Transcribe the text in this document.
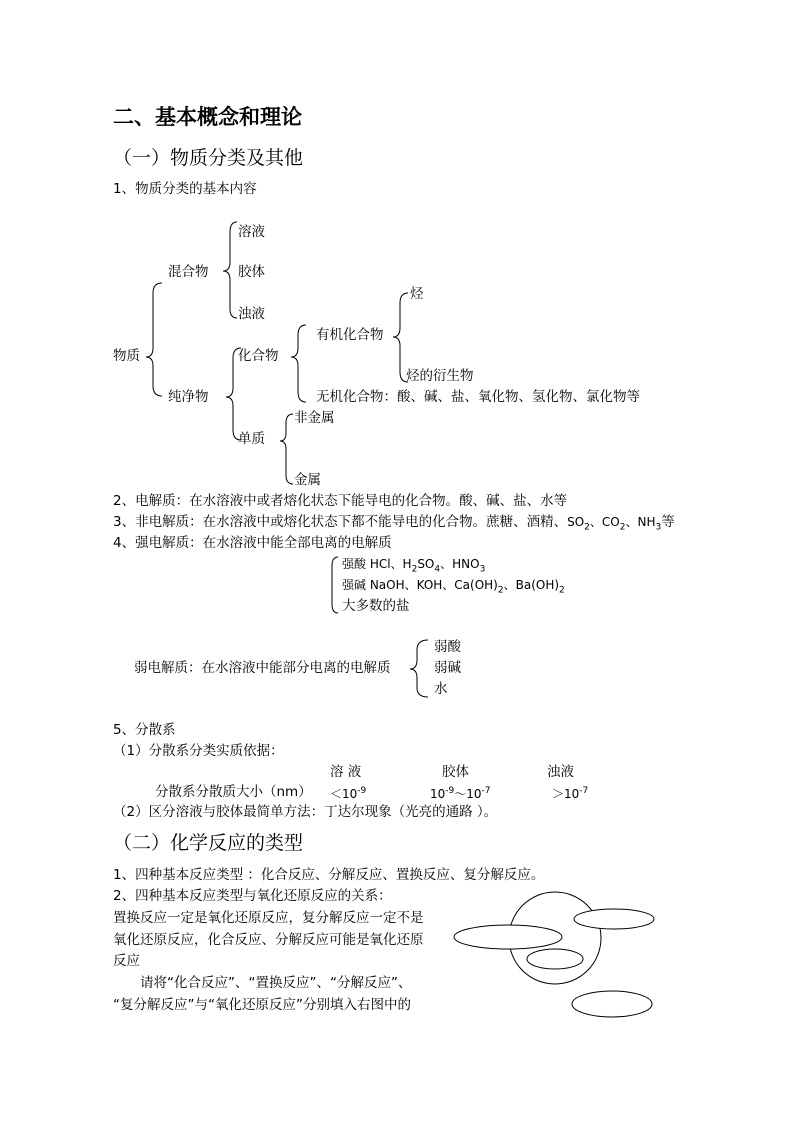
二、基本概念和理论
（一）物质分类及其他
1、物质分类的基本内容
物质
混合物
溶液
胶体
浊液
化合物
有机化合物
烃
烃的衍生物
无机化合物：酸、碱、盐、氧化物、氢化物、氯化物等
纯净物
单质
非金属
金属
2、电解质：在水溶液中或者熔化状态下能导电的化合物。酸、碱、盐、水等
3、非电解质：在水溶液中或熔化状态下都不能导电的化合物。蔗糖、酒精、$SO_2$、$CO_2$、$NH_3$等
4、强电解质：在水溶液中能全部电离的电解质
强酸 HCl、$H_2SO_4$、$HNO_3$
强碱 NaOH、KOH、$Ca(OH)_2$、$Ba(OH)_2$
大多数的盐
弱电解质：在水溶液中能部分电离的电解质
弱酸
弱碱
水
5、分散系
（1）分散系分类实质依据：
溶 液	胶体	浊液
分散系分散质大小$(nm) <10^{-9}$	$10^{-9}\sim 10^{-7}$	$>10^{-7}$
（2）区分溶液与胶体最简单方法：丁达尔现象（光亮的通路 ）。
（二）化学反应的类型
1、四种基本反应类型 ：化合反应、分解反应、置换反应、复分解反应。
2、四种基本反应类型与氧化还原反应的关系：
置换反应一定是氧化还原反应，复分解反应一定不是
氧化还原反应，化合反应、分解反应可能是氧化还原
反应
请将“化合反应”、“置换反应”、“分解反应”、
“复分解反应”与“氧化还原反应”分别填入右图中的
